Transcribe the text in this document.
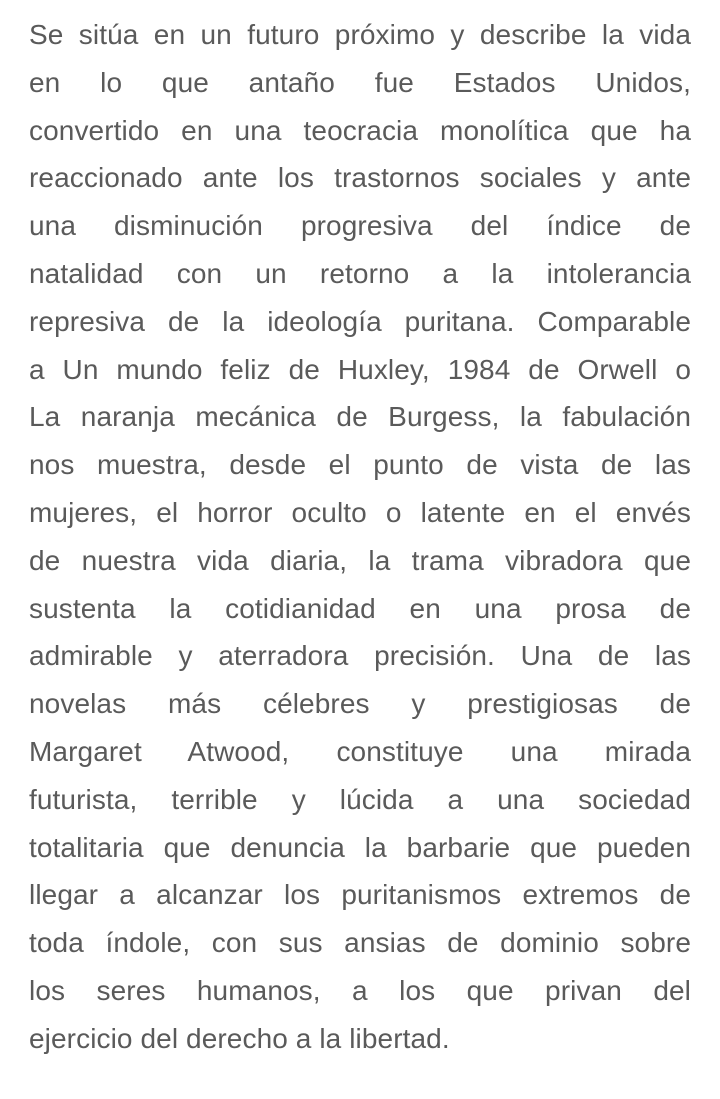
Se sitúa en un futuro próximo y describe la vida
en lo que antaño fue Estados Unidos,
convertido en una teocracia monolítica que ha
reaccionado ante los trastornos sociales y ante
una disminución progresiva del índice de
natalidad con un retorno a la intolerancia
represiva de la ideología puritana. Comparable
a Un mundo feliz de Huxley, 1984 de Orwell o
La naranja mecánica de Burgess, la fabulación
nos muestra, desde el punto de vista de las
mujeres, el horror oculto o latente en el envés
de nuestra vida diaria, la trama vibradora que
sustenta la cotidianidad en una prosa de
admirable y aterradora precisión. Una de las
novelas más célebres y prestigiosas de
Margaret Atwood, constituye una mirada
futurista, terrible y lúcida a una sociedad
totalitaria que denuncia la barbarie que pueden
llegar a alcanzar los puritanismos extremos de
toda índole, con sus ansias de dominio sobre
los seres humanos, a los que privan del
ejercicio del derecho a la libertad.
